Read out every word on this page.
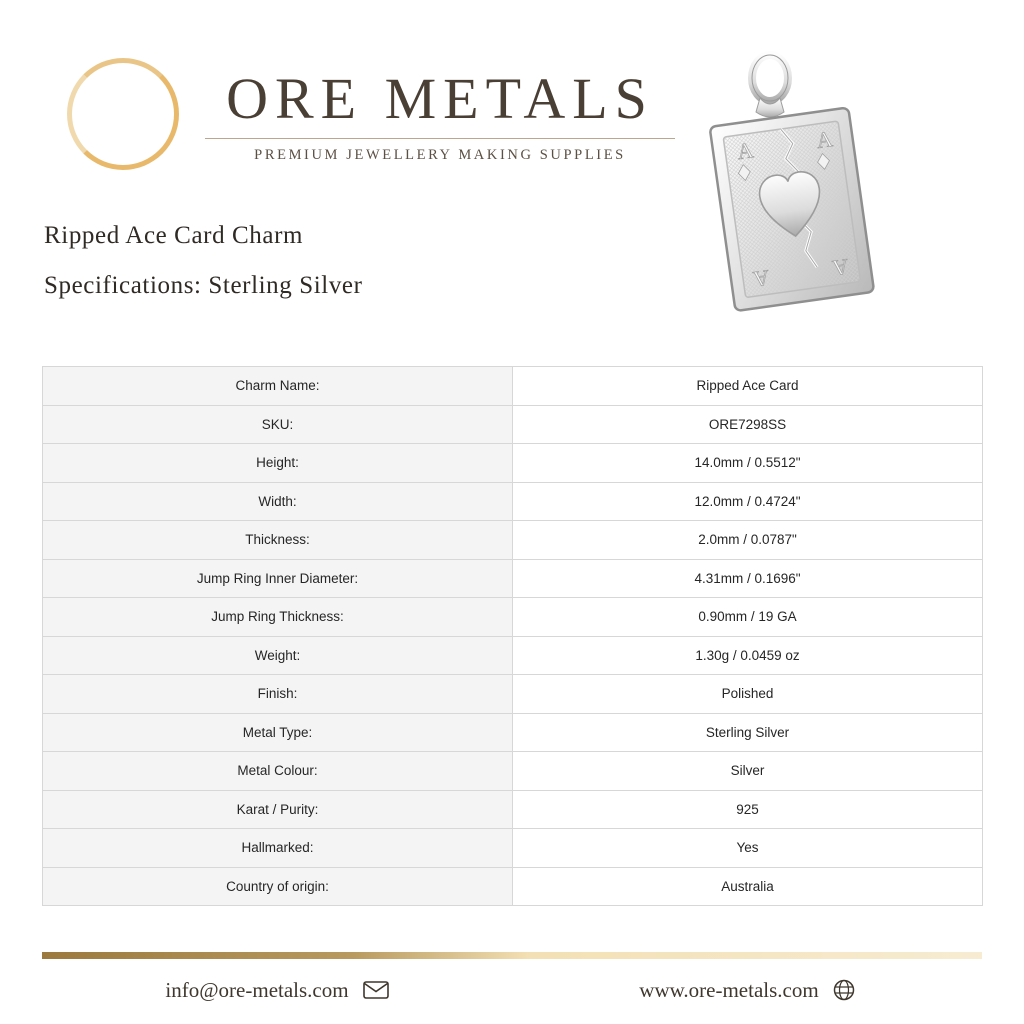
ORE METALS
PREMIUM JEWELLERY MAKING SUPPLIES	A	A
A	A
Ripped Ace Card Charm
Specifications: Sterling Silver
Charm Name:	Ripped Ace Card
SKU:	ORE7298SS
Height:	14.0mm / 0.5512"
Width:	12.0mm / 0.4724"
Thickness:	2.0mm / 0.0787"
Jump Ring Inner Diameter:	4.31mm / 0.1696"
Jump Ring Thickness:	0.90mm / 19 GA
Weight:	1.30g / 0.0459 oz
Finish:	Polished
Metal Type:	Sterling Silver
Metal Colour:	Silver
Karat / Purity:	925
Hallmarked:	Yes
Country of origin:	Australia
info@ore-metals.com	www.ore-metals.com
